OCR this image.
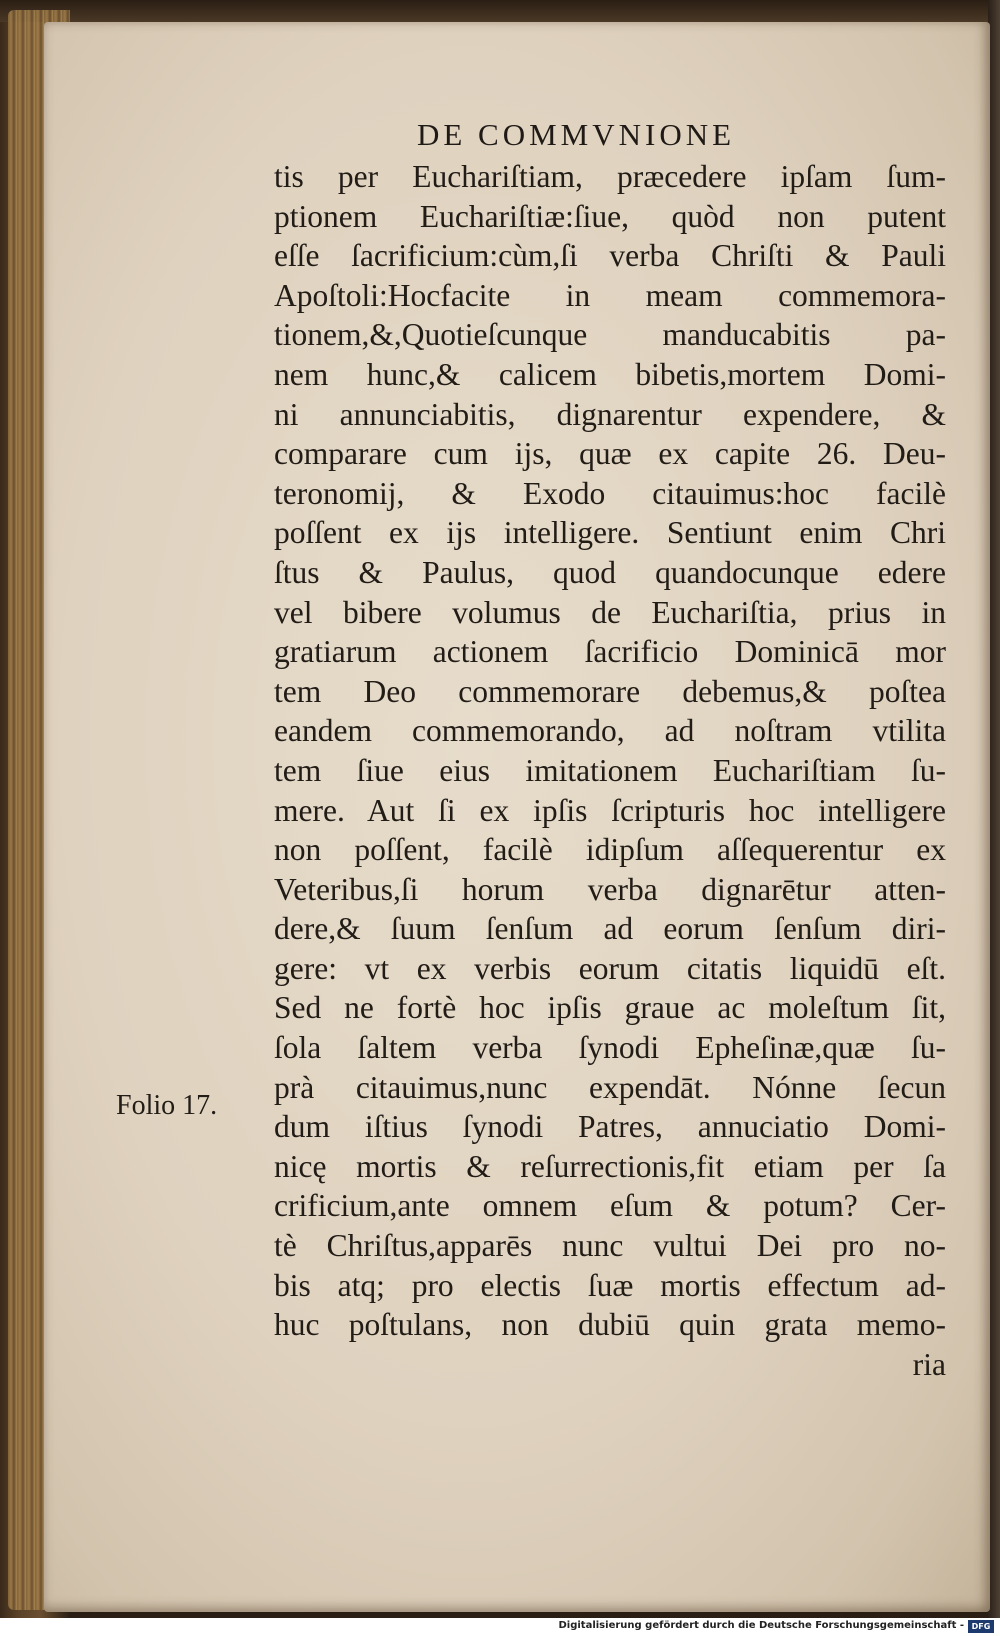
DE COMMVNIONE
tis per Euchariſtiam, præcedere ipſam ſum-
ptionem Euchariſtiæ:ſiue, quòd non putent
eſſe ſacrificium:cùm,ſi verba Chriſti & Pauli
Apoſtoli:Hocfacite in meam commemora-
tionem,&,Quotieſcunque manducabitis pa-
nem hunc,& calicem bibetis,mortem Domi-
ni annunciabitis, dignarentur expendere, &
comparare cum ijs, quæ ex capite 26. Deu-
teronomij, & Exodo citauimus:hoc facilè
poſſent ex ijs intelligere. Sentiunt enim Chri
ſtus & Paulus, quod quandocunque edere
vel bibere volumus de Euchariſtia, prius in
gratiarum actionem ſacrificio Dominicā mor
tem Deo commemorare debemus,& poſtea
eandem commemorando, ad noſtram vtilita
tem ſiue eius imitationem Euchariſtiam ſu-
mere. Aut ſi ex ipſis ſcripturis hoc intelligere
non poſſent, facilè idipſum aſſequerentur ex
Veteribus,ſi horum verba dignarētur atten-
dere,& ſuum ſenſum ad eorum ſenſum diri-
gere: vt ex verbis eorum citatis liquidū eſt.
Sed ne fortè hoc ipſis graue ac moleſtum ſit,
ſola ſaltem verba ſynodi Epheſinæ,quæ ſu-
prà citauimus,nunc expendāt. Nónne ſecun
dum iſtius ſynodi Patres, annuciatio Domi-
nicę mortis & reſurrectionis,fit etiam per ſa
crificium,ante omnem eſum & potum? Cer-
tè Chriſtus,apparēs nunc vultui Dei pro no-
bis atq; pro electis ſuæ mortis effectum ad-
huc poſtulans, non dubiū quin grata memo-
ria
Folio 17.
Digitalisierung gefördert durch die Deutsche Forschungsgemeinschaft - DFG
